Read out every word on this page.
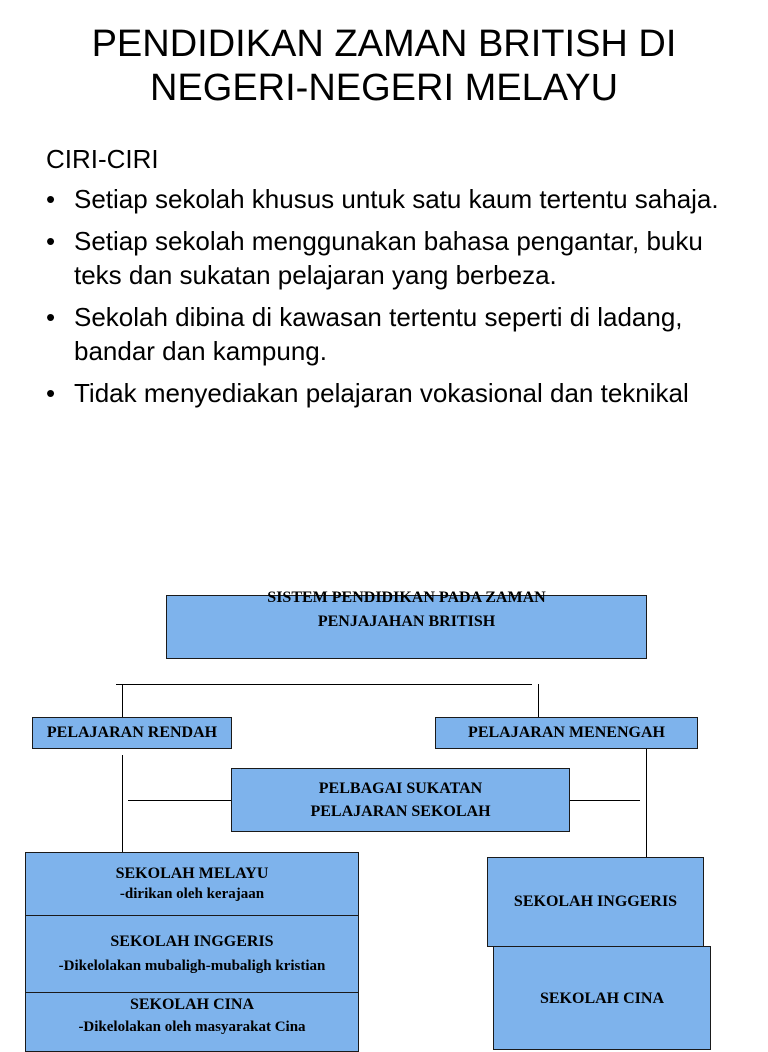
PENDIDIKAN ZAMAN BRITISH DI
NEGERI-NEGERI MELAYU
CIRI-CIRI
• Setiap sekolah khusus untuk satu kaum tertentu sahaja.
• Setiap sekolah menggunakan bahasa pengantar, buku teks dan sukatan pelajaran yang berbeza.
• Sekolah dibina di kawasan tertentu seperti di ladang, bandar dan kampung.
• Tidak menyediakan pelajaran vokasional dan teknikal
SISTEM PENDIDIKAN PADA ZAMAN
PENJAJAHAN BRITISH
PELAJARAN RENDAH	PELAJARAN MENENGAH
PELBAGAI SUKATAN
PELAJARAN SEKOLAH
SEKOLAH MELAYU
-dirikan oleh kerajaan
SEKOLAH INGGERIS
-Dikelolakan mubaligh-mubaligh kristian
SEKOLAH CINA
-Dikelolakan oleh masyarakat Cina
SEKOLAH INGGERIS
SEKOLAH CINA
